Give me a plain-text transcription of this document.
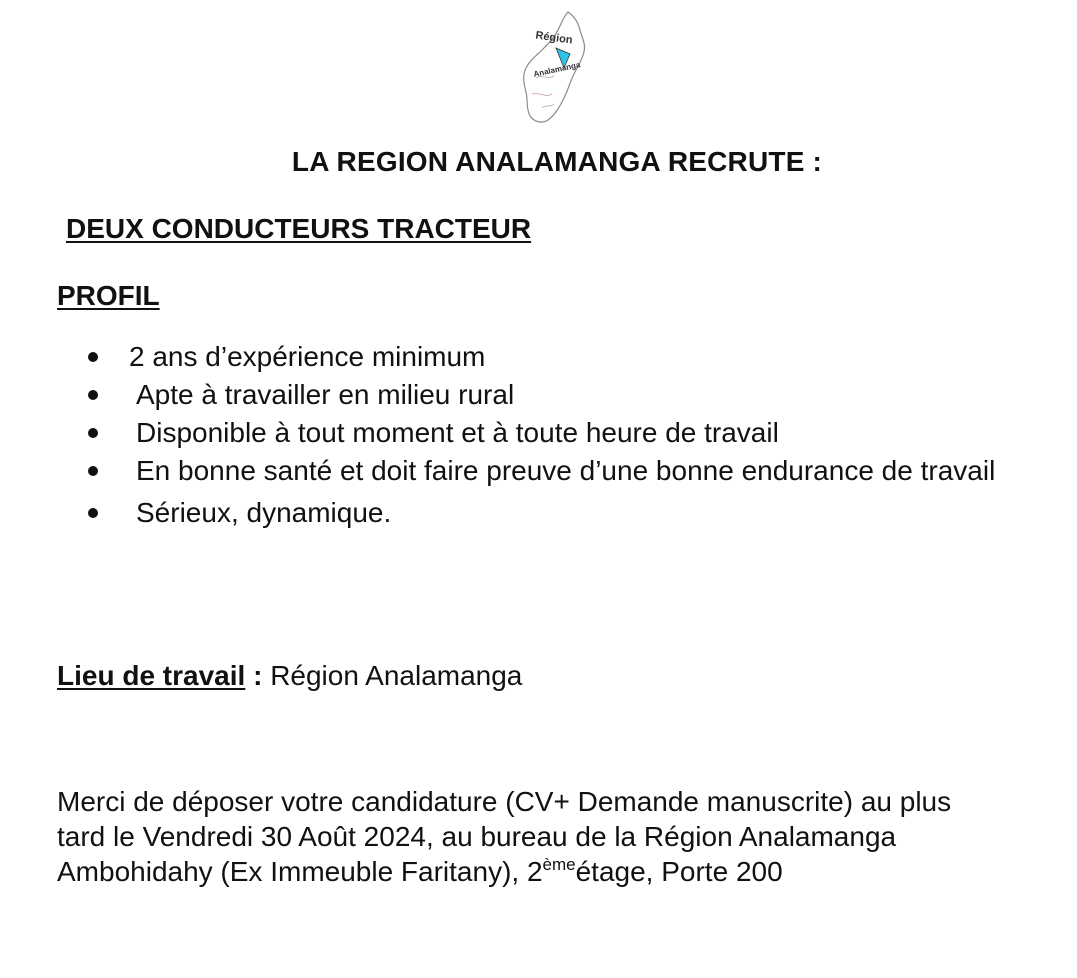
Région
Analamanga
LA REGION ANALAMANGA RECRUTE :
DEUX CONDUCTEURS TRACTEUR
PROFIL
2 ans d’expérience minimum
Apte à travailler en milieu rural
Disponible à tout moment et à toute heure de travail
En bonne santé et doit faire preuve d’une bonne endurance de travail
Sérieux, dynamique.
Lieu de travail : Région Analamanga
Merci de déposer votre candidature (CV+ Demande manuscrite) au plus
tard le Vendredi 30 Août 2024, au bureau de la Région Analamanga
Ambohidahy (Ex Immeuble Faritany), 2èmeétage, Porte 200
